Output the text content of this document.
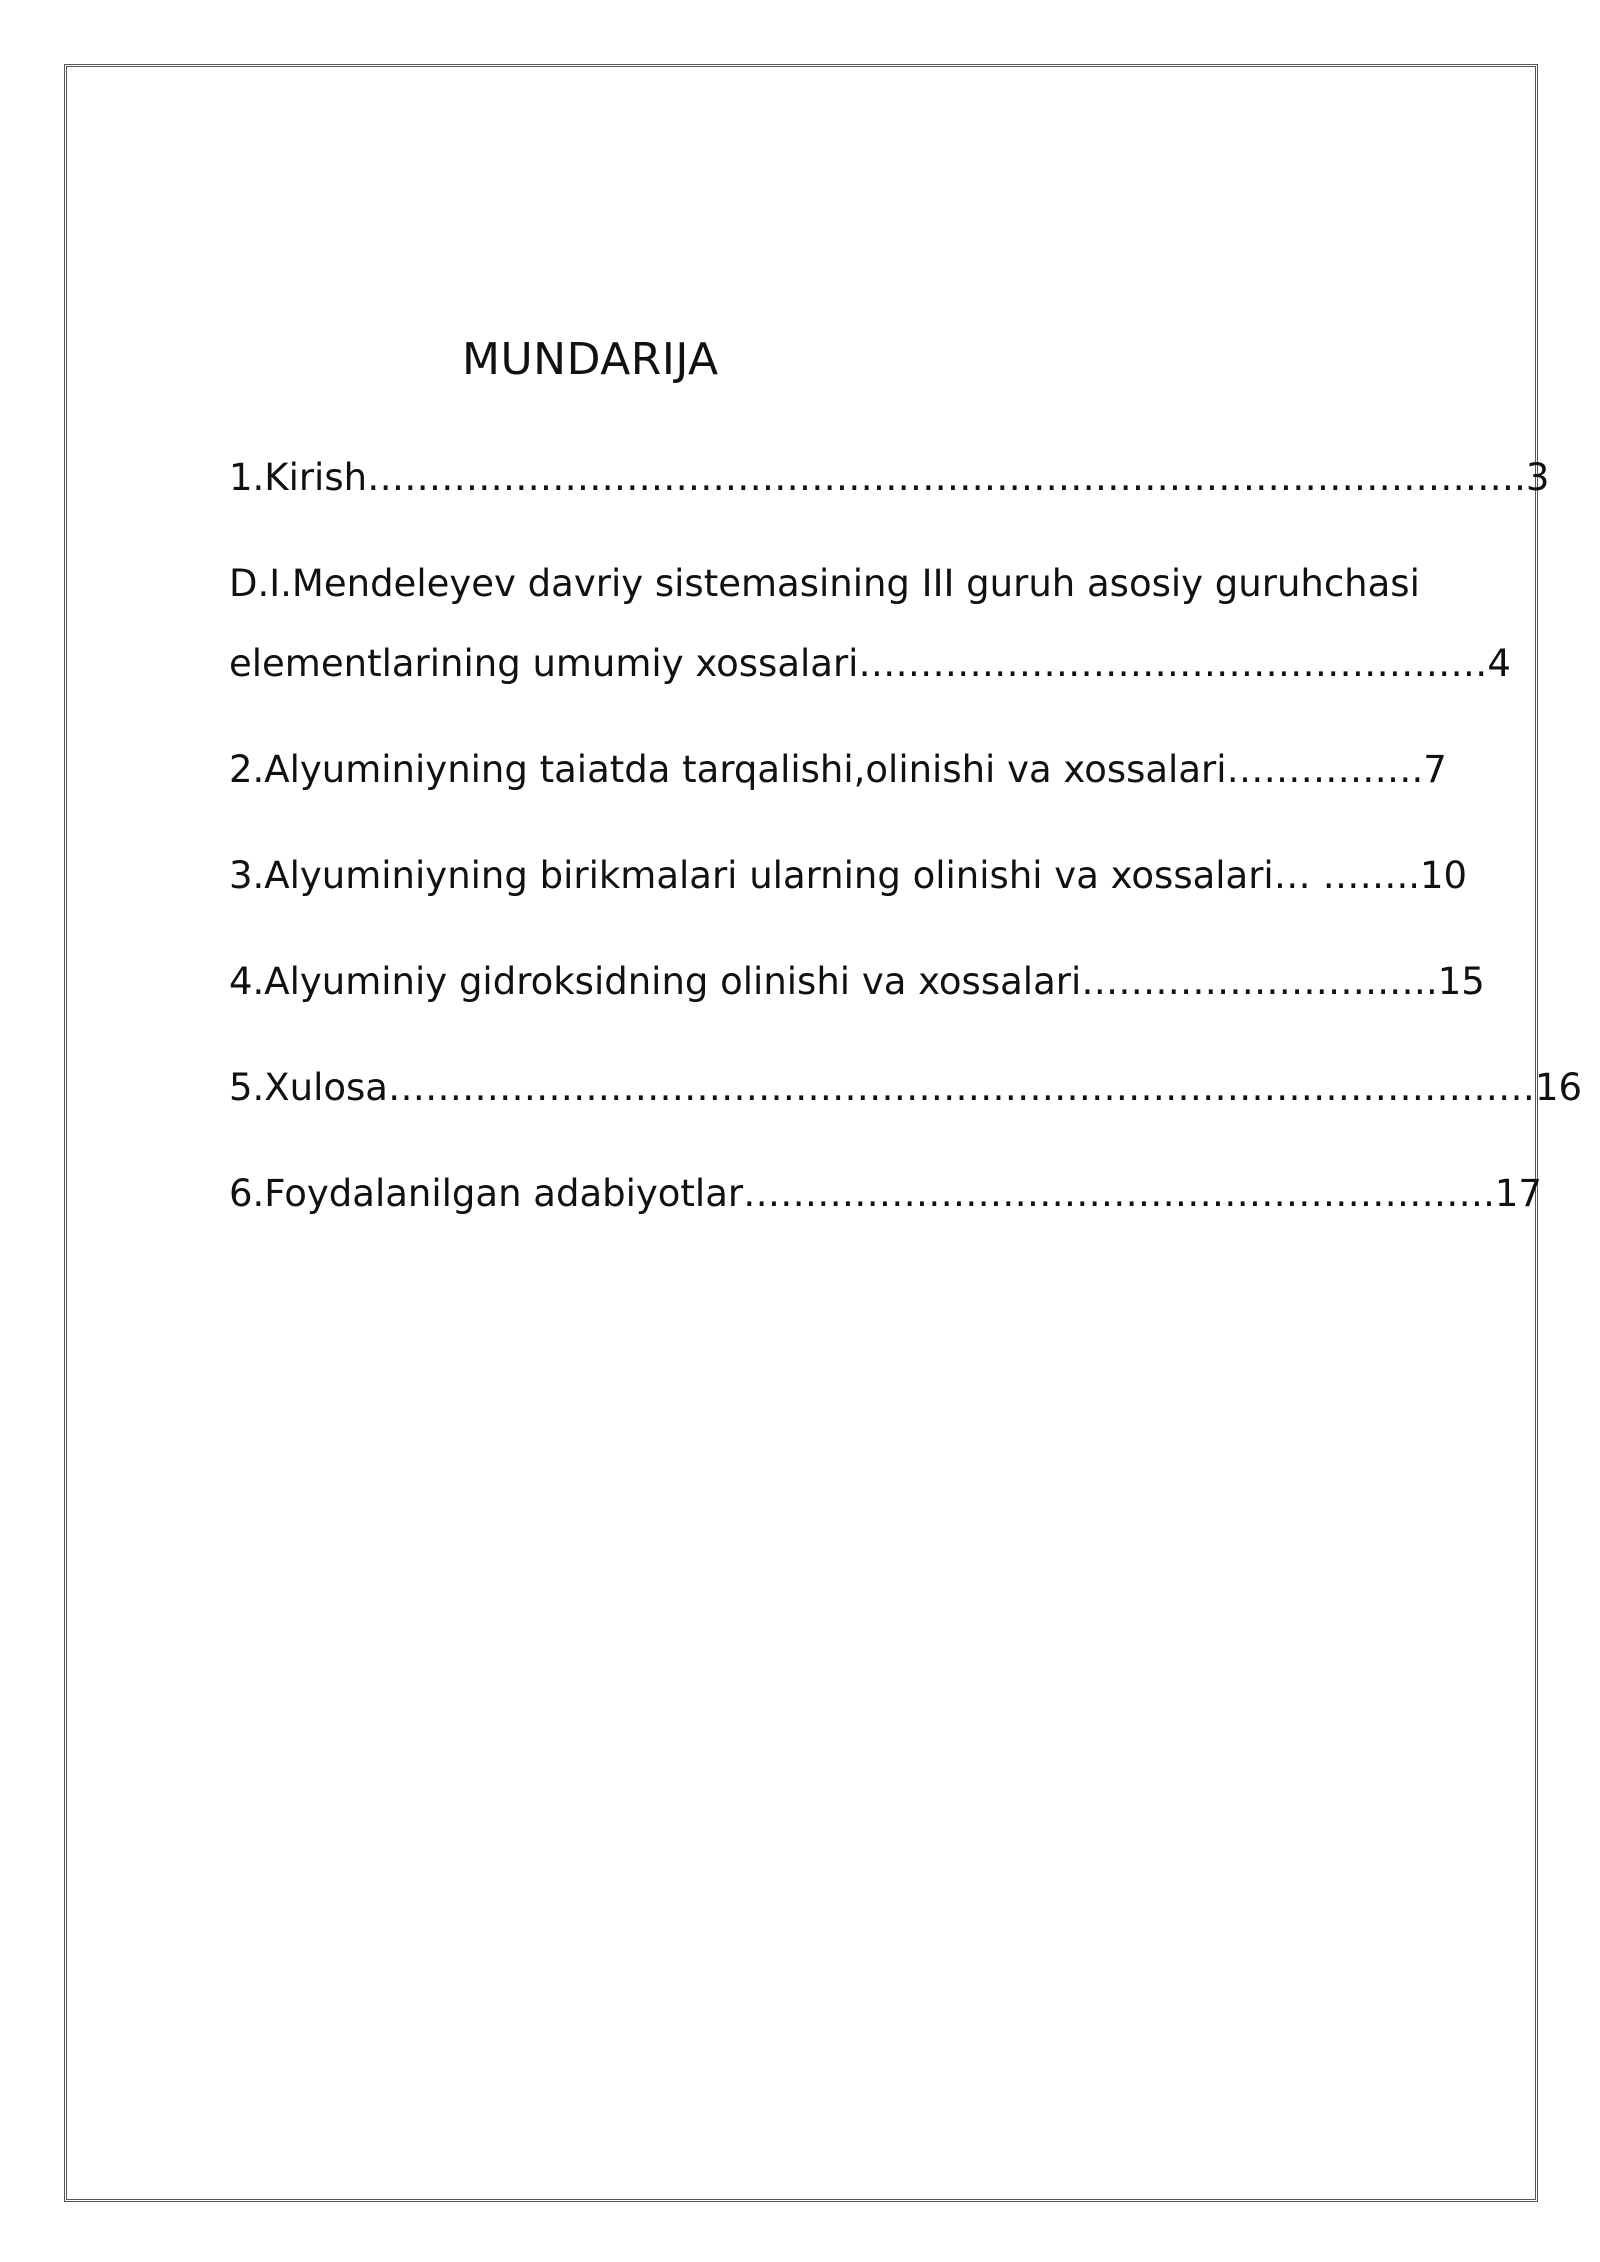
MUNDARIJA
1.Kirish………………………………………………………………………………….3
D.I.Mendeleyev davriy sistemasining III guruh asosiy guruhchasi
elementlarining umumiy xossalari……………………………………………4
2.Alyuminiyning taiatda tarqalishi,olinishi va xossalari…………….7
3.Alyuminiyning birikmalari ularning olinishi va xossalari… ……..10
4.Alyuminiy gidroksidning olinishi va xossalari…………………….….15
5.Xulosa…………………………………………………………………………………16
6.Foydalanilgan adabiyotlar…………………………………………………….17
